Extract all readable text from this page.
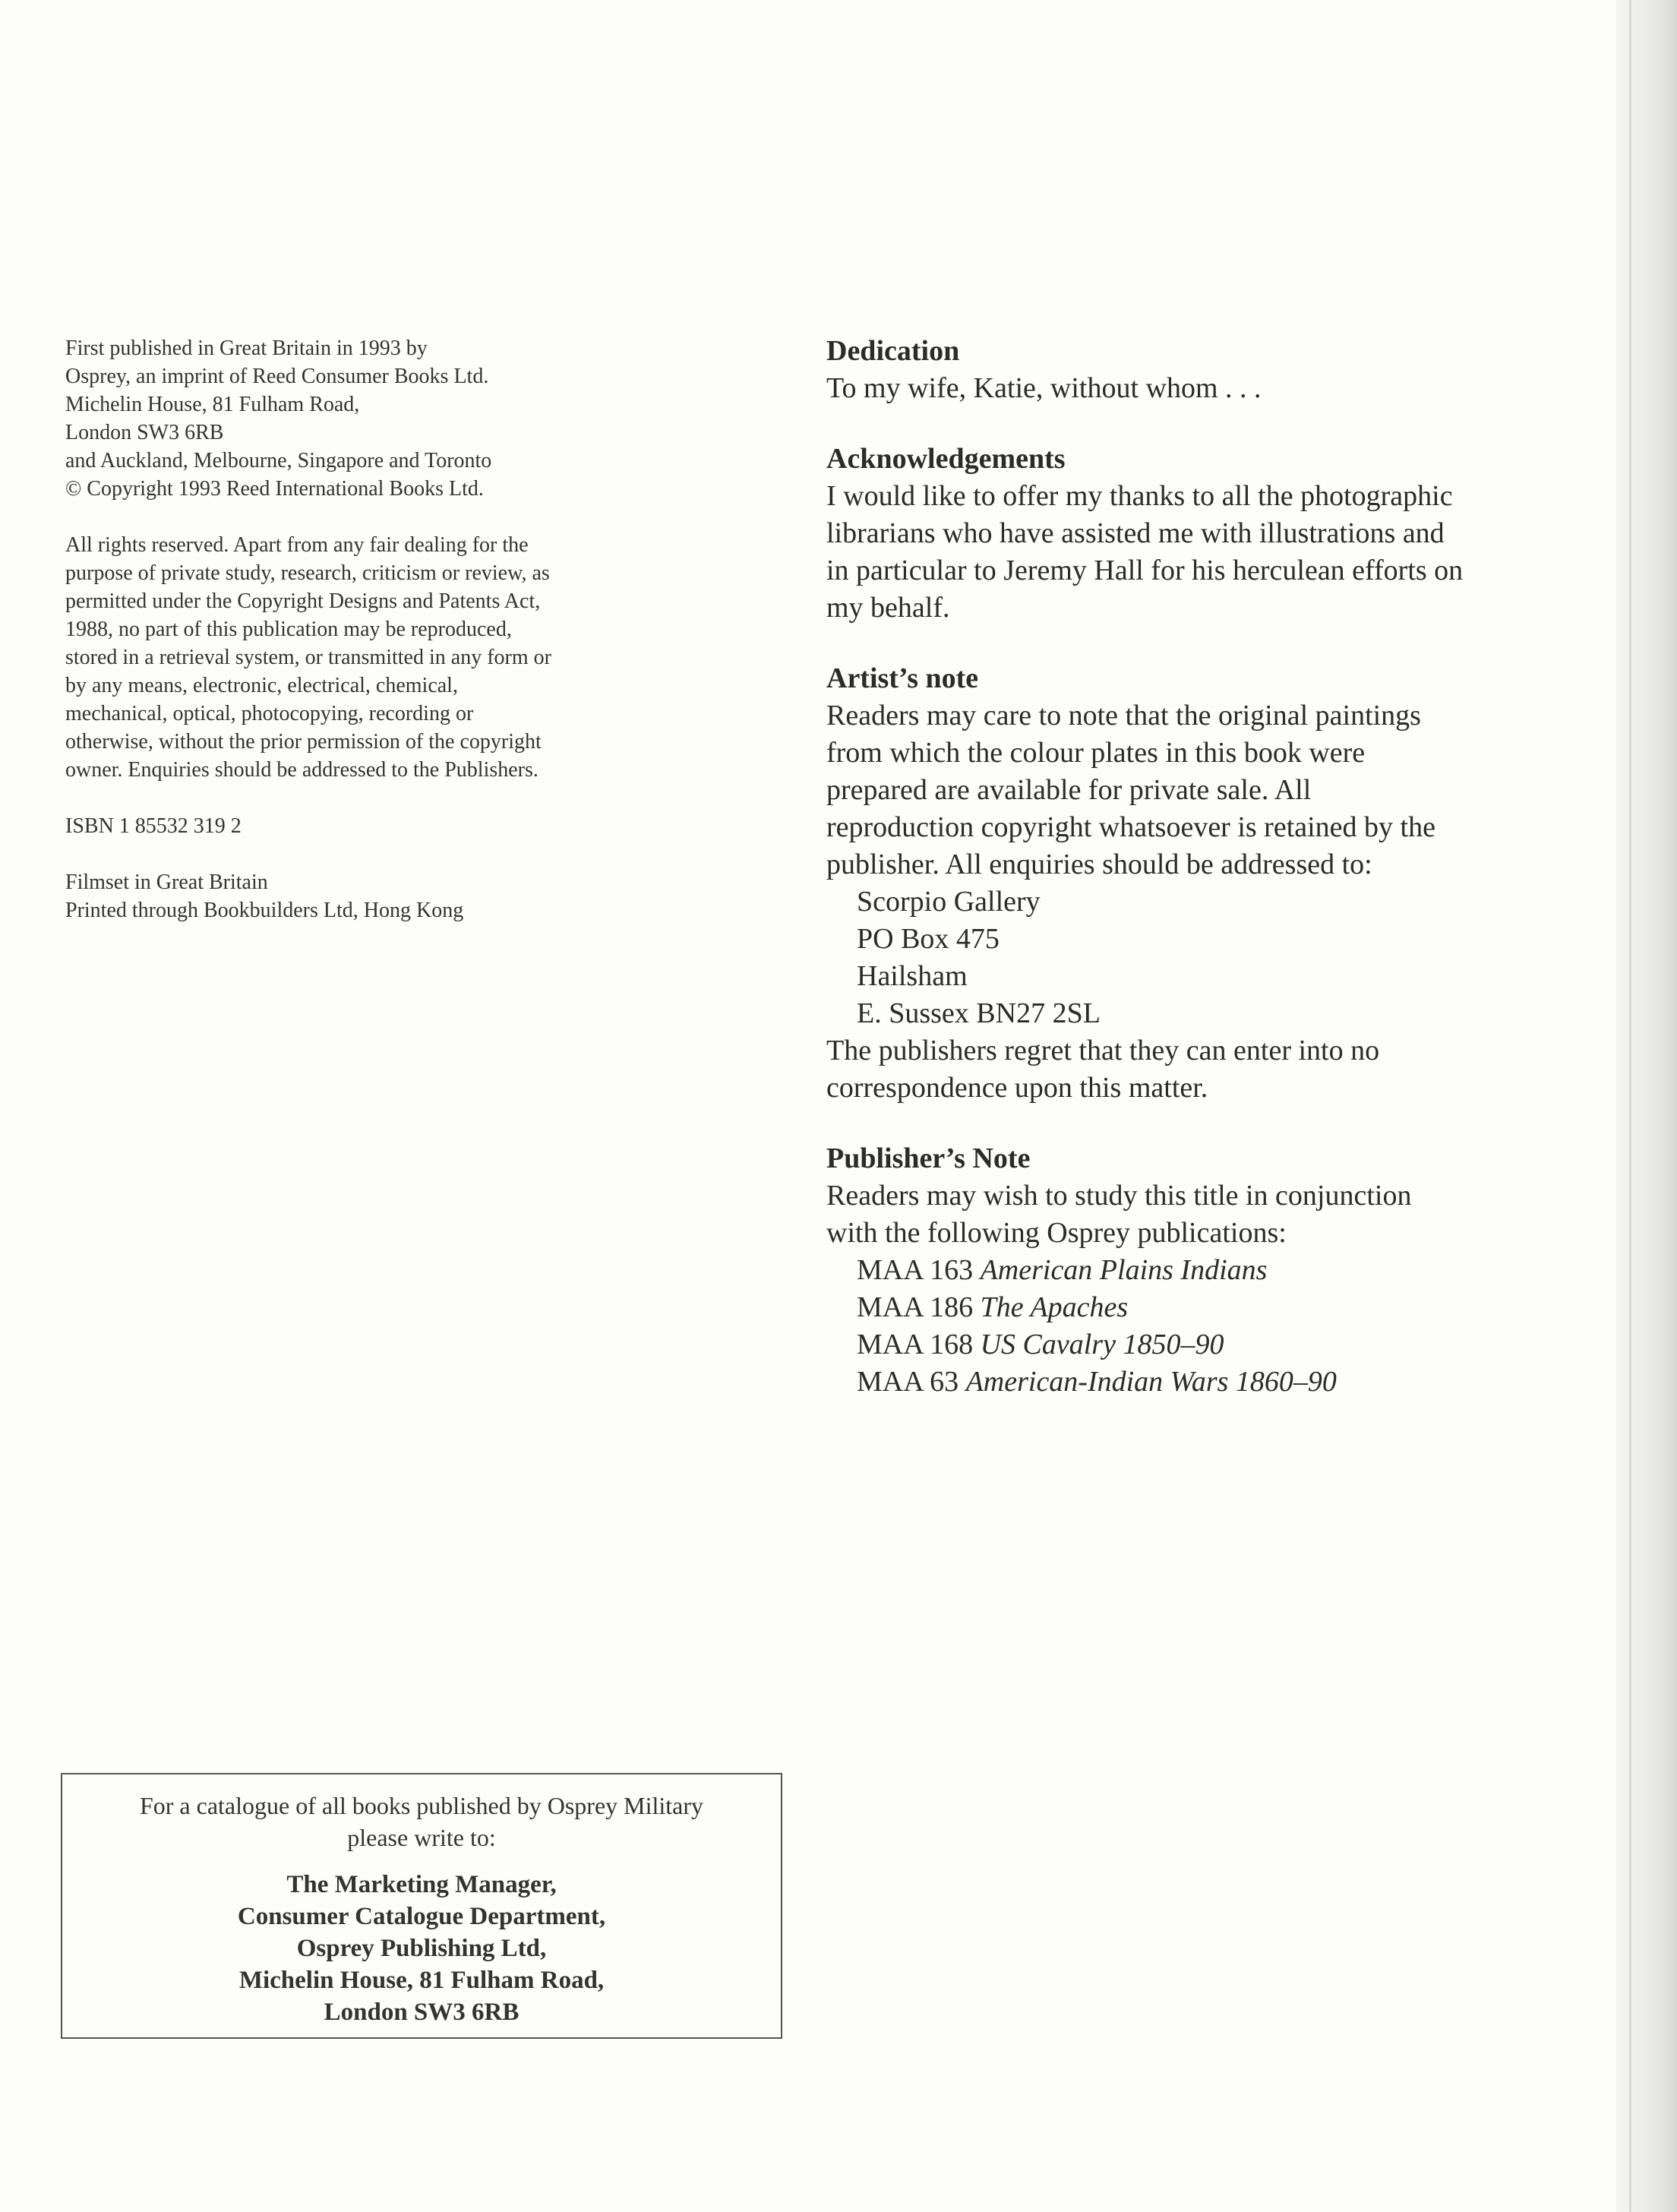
First published in Great Britain in 1993 by
Osprey, an imprint of Reed Consumer Books Ltd.
Michelin House, 81 Fulham Road,
London SW3 6RB
and Auckland, Melbourne, Singapore and Toronto
© Copyright 1993 Reed International Books Ltd.
All rights reserved. Apart from any fair dealing for the
purpose of private study, research, criticism or review, as
permitted under the Copyright Designs and Patents Act,
1988, no part of this publication may be reproduced,
stored in a retrieval system, or transmitted in any form or
by any means, electronic, electrical, chemical,
mechanical, optical, photocopying, recording or
otherwise, without the prior permission of the copyright
owner. Enquiries should be addressed to the Publishers.
ISBN 1 85532 319 2
Filmset in Great Britain
Printed through Bookbuilders Ltd, Hong Kong
Dedication
To my wife, Katie, without whom . . .
Acknowledgements
I would like to offer my thanks to all the photographic
librarians who have assisted me with illustrations and
in particular to Jeremy Hall for his herculean efforts on
my behalf.
Artist’s note
Readers may care to note that the original paintings
from which the colour plates in this book were
prepared are available for private sale. All
reproduction copyright whatsoever is retained by the
publisher. All enquiries should be addressed to:
Scorpio Gallery
PO Box 475
Hailsham
E. Sussex BN27 2SL
The publishers regret that they can enter into no
correspondence upon this matter.
Publisher’s Note
Readers may wish to study this title in conjunction
with the following Osprey publications:
MAA 163 American Plains Indians
MAA 186 The Apaches
MAA 168 US Cavalry 1850–90
MAA 63 American-Indian Wars 1860–90
For a catalogue of all books published by Osprey Military
please write to:
The Marketing Manager,
Consumer Catalogue Department,
Osprey Publishing Ltd,
Michelin House, 81 Fulham Road,
London SW3 6RB
